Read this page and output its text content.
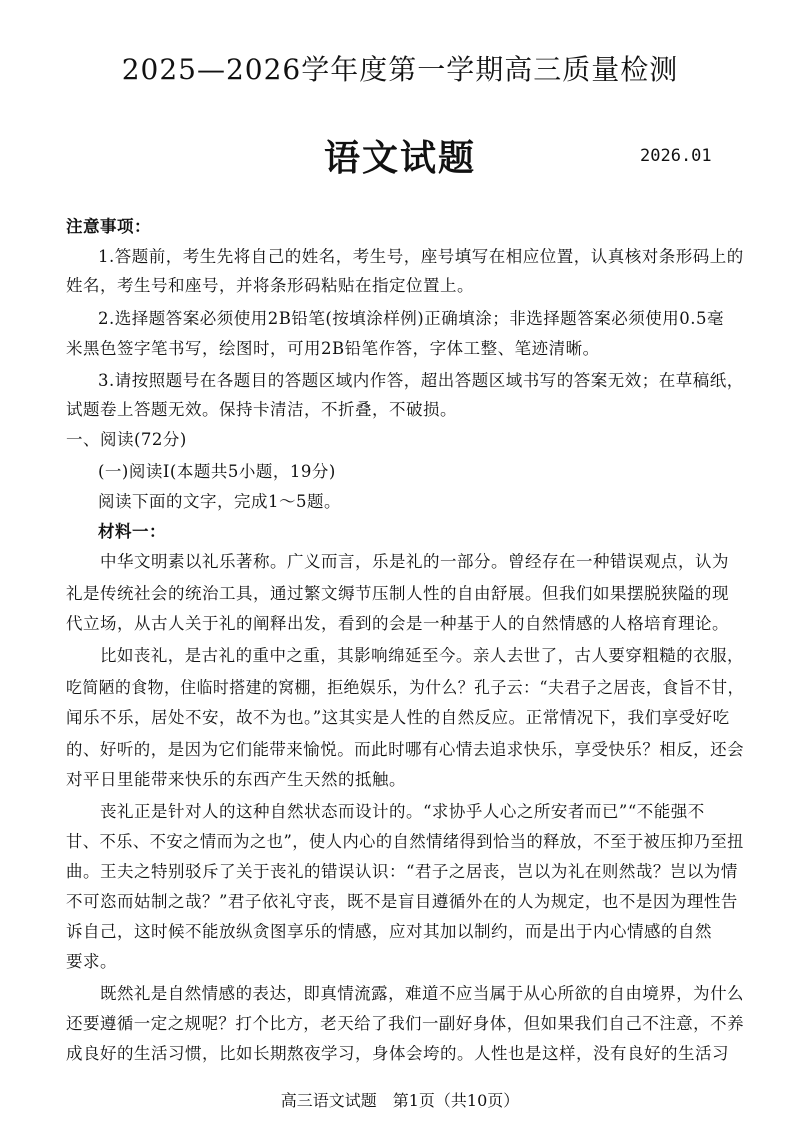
2025—2026学年度第一学期高三质量检测
语文试题	2026.01
注意事项：
1.答题前，考生先将自己的姓名，考生号，座号填写在相应位置，认真核对条形码上的
姓名，考生号和座号，并将条形码粘贴在指定位置上。
2.选择题答案必须使用2B铅笔(按填涂样例)正确填涂；非选择题答案必须使用0.5毫
米黑色签字笔书写，绘图时，可用2B铅笔作答，字体工整、笔迹清晰。
3.请按照题号在各题目的答题区域内作答，超出答题区域书写的答案无效；在草稿纸，
试题卷上答题无效。保持卡清洁，不折叠，不破损。
一、阅读(72分)
(一)阅读Ⅰ(本题共5小题，19分)
阅读下面的文字，完成1～5题。
材料一：
中华文明素以礼乐著称。广义而言，乐是礼的一部分。曾经存在一种错误观点，认为
礼是传统社会的统治工具，通过繁文缛节压制人性的自由舒展。但我们如果摆脱狭隘的现
代立场，从古人关于礼的阐释出发，看到的会是一种基于人的自然情感的人格培育理论。
比如丧礼，是古礼的重中之重，其影响绵延至今。亲人去世了，古人要穿粗糙的衣服，
吃简陋的食物，住临时搭建的窝棚，拒绝娱乐，为什么？孔子云：“夫君子之居丧，食旨不甘，
闻乐不乐，居处不安，故不为也。”这其实是人性的自然反应。正常情况下，我们享受好吃
的、好听的，是因为它们能带来愉悦。而此时哪有心情去追求快乐，享受快乐？相反，还会
对平日里能带来快乐的东西产生天然的抵触。
丧礼正是针对人的这种自然状态而设计的。“求协乎人心之所安者而已”“不能强不
甘、不乐、不安之情而为之也”，使人内心的自然情绪得到恰当的释放，不至于被压抑乃至扭
曲。王夫之特别驳斥了关于丧礼的错误认识：“君子之居丧，岂以为礼在则然哉？岂以为情
不可恣而姑制之哉？”君子依礼守丧，既不是盲目遵循外在的人为规定，也不是因为理性告
诉自己，这时候不能放纵贪图享乐的情感，应对其加以制约，而是出于内心情感的自然
要求。
既然礼是自然情感的表达，即真情流露，难道不应当属于从心所欲的自由境界，为什么
还要遵循一定之规呢？打个比方，老天给了我们一副好身体，但如果我们自己不注意，不养
成良好的生活习惯，比如长期熬夜学习，身体会垮的。人性也是这样，没有良好的生活习
高三语文试题　第1页（共10页）
